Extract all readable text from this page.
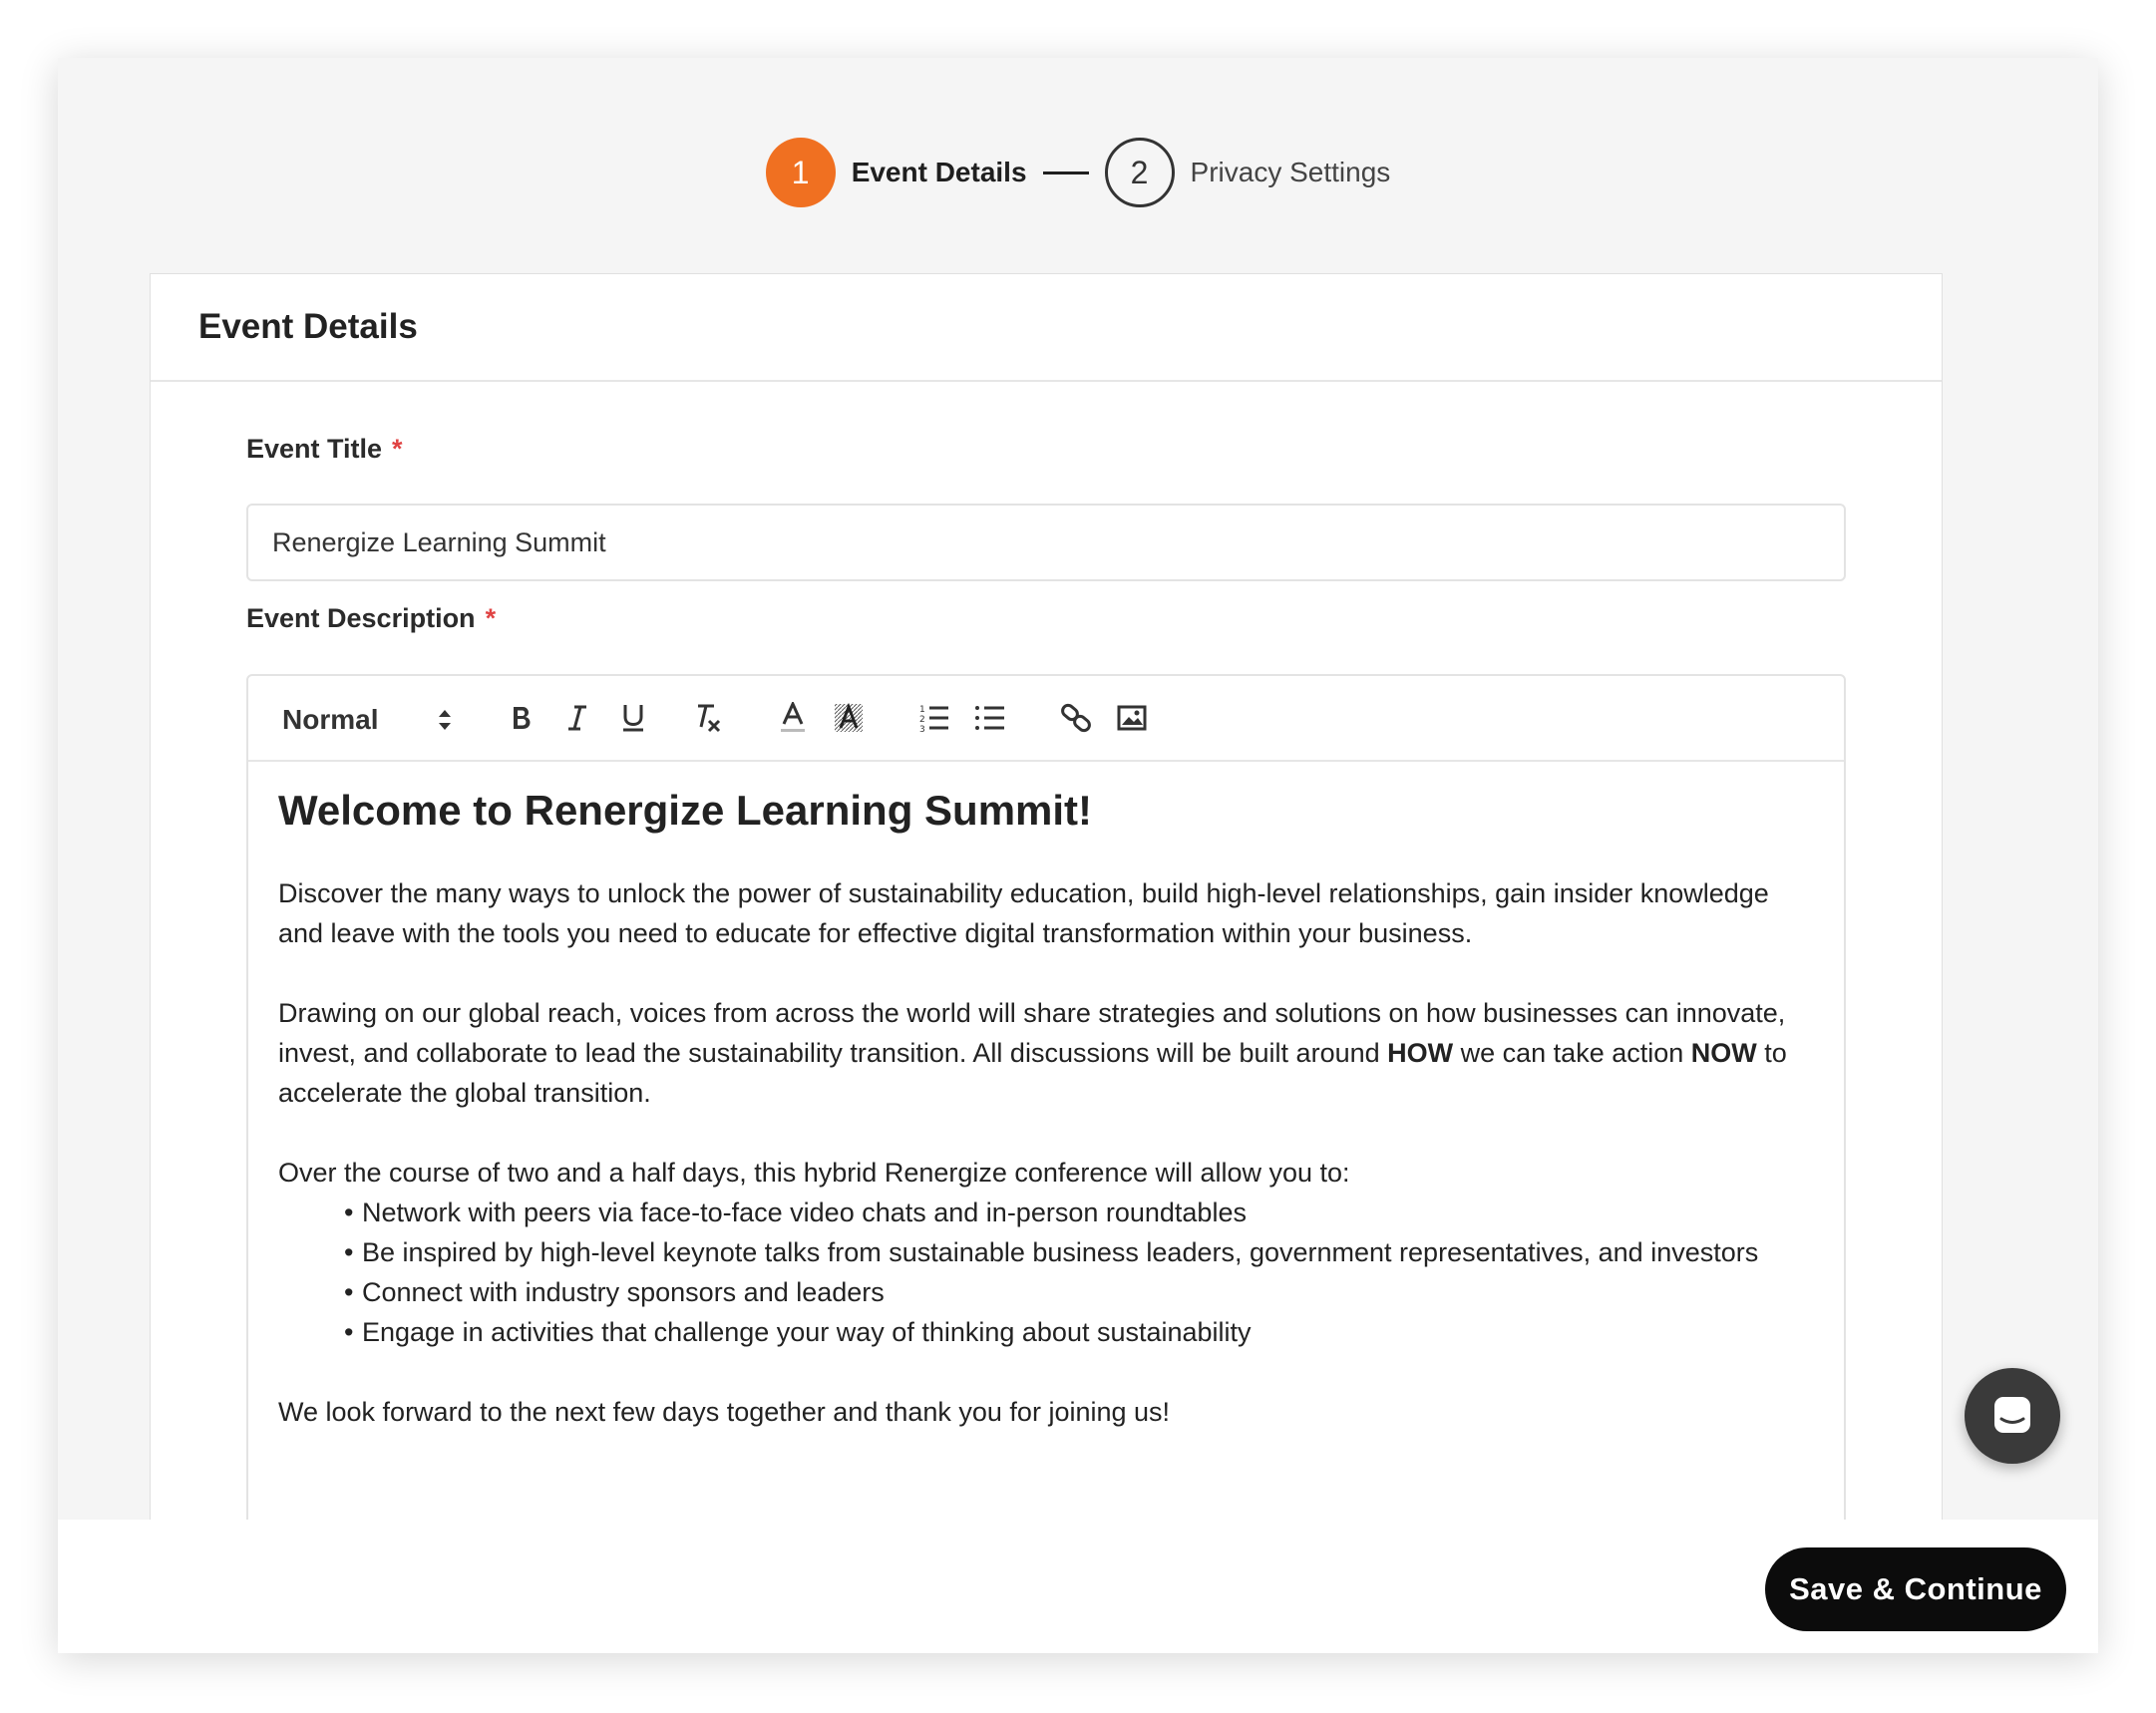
1	Event Details	2	Privacy Settings
Event Details
Event Title *
Renergize Learning Summit
Event Description *
Normal	1
2
3
Welcome to Renergize Learning Summit!

Discover the many ways to unlock the power of sustainability education, build high-level relationships, gain insider knowledge and leave with the tools you need to educate for effective digital transformation within your business.

Drawing on our global reach, voices from across the world will share strategies and solutions on how businesses can innovate, invest, and collaborate to lead the sustainability transition. All discussions will be built around HOW we can take action NOW to accelerate the global transition.

Over the course of two and a half days, this hybrid Renergize conference will allow you to:

• Network with peers via face-to-face video chats and in-person roundtables
• Be inspired by high-level keynote talks from sustainable business leaders, government representatives, and investors
• Connect with industry sponsors and leaders
• Engage in activities that challenge your way of thinking about sustainability

We look forward to the next few days together and thank you for joining us!

Save & Continue
